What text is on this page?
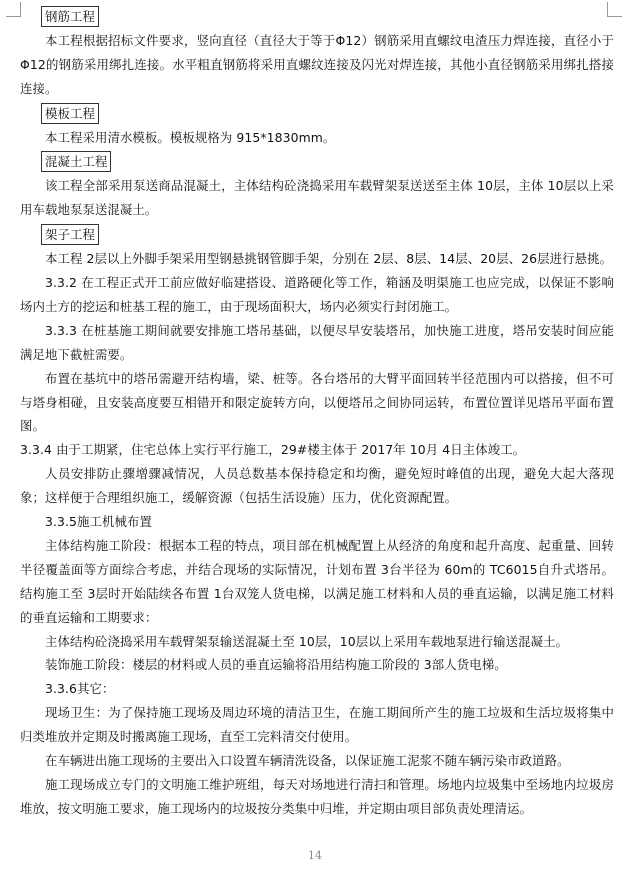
钢筋工程

本工程根据招标文件要求，竖向直径（直径大于等于Φ12）钢筋采用直螺纹电渣压力焊连接，直径小于Φ12的钢筋采用绑扎连接。水平粗直钢筋将采用直螺纹连接及闪光对焊连接，其他小直径钢筋采用绑扎搭接连接。

模板工程

本工程采用清水模板。模板规格为 915*1830mm。

混凝土工程

该工程全部采用泵送商品混凝土，主体结构砼浇捣采用车载臂架泵送送至主体 10层，主体 10层以上采用车载地泵泵送混凝土。

架子工程

本工程 2层以上外脚手架采用型钢悬挑钢管脚手架，分别在 2层、8层、14层、20层、26层进行悬挑。

3.3.2 在工程正式开工前应做好临建搭设、道路硬化等工作，箱涵及明渠施工也应完成，以保证不影响场内土方的挖运和桩基工程的施工，由于现场面积大，场内必须实行封闭施工。

3.3.3 在桩基施工期间就要安排施工塔吊基础，以便尽早安装塔吊，加快施工进度，塔吊安装时间应能满足地下截桩需要。

布置在基坑中的塔吊需避开结构墙，梁、桩等。各台塔吊的大臂平面回转半径范围内可以搭接，但不可与塔身相碰，且安装高度要互相错开和限定旋转方向，以便塔吊之间协同运转，布置位置详见塔吊平面布置图。

3.3.4 由于工期紧，住宅总体上实行平行施工，29#楼主体于 2017年 10月 4日主体竣工。

人员安排防止骤增骤减情况，人员总数基本保持稳定和均衡，避免短时峰值的出现，避免大起大落现象；这样便于合理组织施工，缓解资源（包括生活设施）压力，优化资源配置。

3.3.5施工机械布置

主体结构施工阶段：根据本工程的特点，项目部在机械配置上从经济的角度和起升高度、起重量、回转半径覆盖面等方面综合考虑，并结合现场的实际情况，计划布置 3台半径为 60m的 TC6015自升式塔吊。结构施工至 3层时开始陆续各布置 1台双笼人货电梯，以满足施工材料和人员的垂直运输，以满足施工材料的垂直运输和工期要求：

主体结构砼浇捣采用车载臂架泵输送混凝土至 10层，10层以上采用车载地泵进行输送混凝土。

装饰施工阶段：楼层的材料或人员的垂直运输将沿用结构施工阶段的 3部人货电梯。

3.3.6其它：

现场卫生：为了保持施工现场及周边环境的清洁卫生，在施工期间所产生的施工垃圾和生活垃圾将集中归类堆放并定期及时搬离施工现场，直至工完料清交付使用。

在车辆进出施工现场的主要出入口设置车辆清洗设备，以保证施工泥浆不随车辆污染市政道路。

施工现场成立专门的文明施工维护班组，每天对场地进行清扫和管理。场地内垃圾集中至场地内垃圾房堆放，按文明施工要求，施工现场内的垃圾按分类集中归堆，并定期由项目部负责处理清运。

14
